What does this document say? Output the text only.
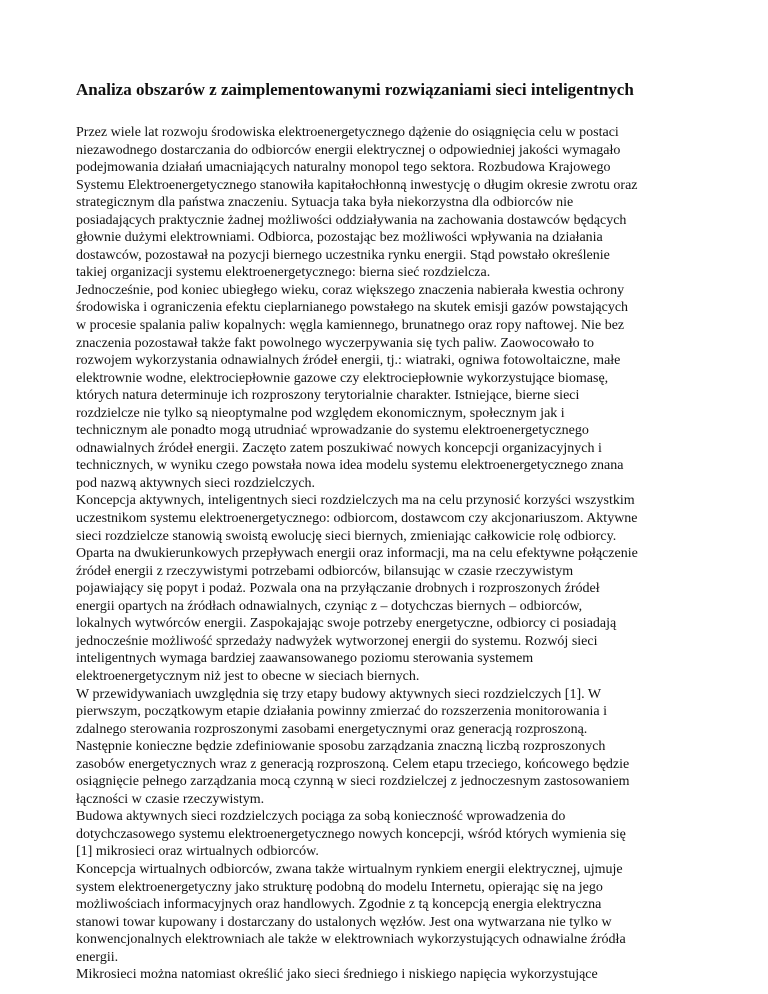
Analiza obszarów z zaimplementowanymi rozwiązaniami sieci inteligentnych
Przez wiele lat rozwoju środowiska elektroenergetycznego dążenie do osiągnięcia celu w postaci
niezawodnego dostarczania do odbiorców energii elektrycznej o odpowiedniej jakości wymagało
podejmowania działań umacniających naturalny monopol tego sektora. Rozbudowa Krajowego
Systemu Elektroenergetycznego stanowiła kapitałochłonną inwestycję o długim okresie zwrotu oraz
strategicznym dla państwa znaczeniu. Sytuacja taka była niekorzystna dla odbiorców nie
posiadających praktycznie żadnej możliwości oddziaływania na zachowania dostawców będących
głownie dużymi elektrowniami. Odbiorca, pozostając bez możliwości wpływania na działania
dostawców, pozostawał na pozycji biernego uczestnika rynku energii. Stąd powstało określenie
takiej organizacji systemu elektroenergetycznego: bierna sieć rozdzielcza.
Jednocześnie, pod koniec ubiegłego wieku, coraz większego znaczenia nabierała kwestia ochrony
środowiska i ograniczenia efektu cieplarnianego powstałego na skutek emisji gazów powstających
w procesie spalania paliw kopalnych: węgla kamiennego, brunatnego oraz ropy naftowej. Nie bez
znaczenia pozostawał także fakt powolnego wyczerpywania się tych paliw. Zaowocowało to
rozwojem wykorzystania odnawialnych źródeł energii, tj.: wiatraki, ogniwa fotowoltaiczne, małe
elektrownie wodne, elektrociepłownie gazowe czy elektrociepłownie wykorzystujące biomasę,
których natura determinuje ich rozproszony terytorialnie charakter. Istniejące, bierne sieci
rozdzielcze nie tylko są nieoptymalne pod względem ekonomicznym, społecznym jak i
technicznym ale ponadto mogą utrudniać wprowadzanie do systemu elektroenergetycznego
odnawialnych źródeł energii. Zaczęto zatem poszukiwać nowych koncepcji organizacyjnych i
technicznych, w wyniku czego powstała nowa idea modelu systemu elektroenergetycznego znana
pod nazwą aktywnych sieci rozdzielczych.
Koncepcja aktywnych, inteligentnych sieci rozdzielczych ma na celu przynosić korzyści wszystkim
uczestnikom systemu elektroenergetycznego: odbiorcom, dostawcom czy akcjonariuszom. Aktywne
sieci rozdzielcze stanowią swoistą ewolucję sieci biernych, zmieniając całkowicie rolę odbiorcy.
Oparta na dwukierunkowych przepływach energii oraz informacji, ma na celu efektywne połączenie
źródeł energii z rzeczywistymi potrzebami odbiorców, bilansując w czasie rzeczywistym
pojawiający się popyt i podaż. Pozwala ona na przyłączanie drobnych i rozproszonych źródeł
energii opartych na źródłach odnawialnych, czyniąc z – dotychczas biernych – odbiorców,
lokalnych wytwórców energii. Zaspokajając swoje potrzeby energetyczne, odbiorcy ci posiadają
jednocześnie możliwość sprzedaży nadwyżek wytworzonej energii do systemu. Rozwój sieci
inteligentnych wymaga bardziej zaawansowanego poziomu sterowania systemem
elektroenergetycznym niż jest to obecne w sieciach biernych.
W przewidywaniach uwzględnia się trzy etapy budowy aktywnych sieci rozdzielczych [1]. W
pierwszym, początkowym etapie działania powinny zmierzać do rozszerzenia monitorowania i
zdalnego sterowania rozproszonymi zasobami energetycznymi oraz generacją rozproszoną.
Następnie konieczne będzie zdefiniowanie sposobu zarządzania znaczną liczbą rozproszonych
zasobów energetycznych wraz z generacją rozproszoną. Celem etapu trzeciego, końcowego będzie
osiągnięcie pełnego zarządzania mocą czynną w sieci rozdzielczej z jednoczesnym zastosowaniem
łączności w czasie rzeczywistym.
Budowa aktywnych sieci rozdzielczych pociąga za sobą konieczność wprowadzenia do
dotychczasowego systemu elektroenergetycznego nowych koncepcji, wśród których wymienia się
[1] mikrosieci oraz wirtualnych odbiorców.
Koncepcja wirtualnych odbiorców, zwana także wirtualnym rynkiem energii elektrycznej, ujmuje
system elektroenergetyczny jako strukturę podobną do modelu Internetu, opierając się na jego
możliwościach informacyjnych oraz handlowych. Zgodnie z tą koncepcją energia elektryczna
stanowi towar kupowany i dostarczany do ustalonych węzłów. Jest ona wytwarzana nie tylko w
konwencjonalnych elektrowniach ale także w elektrowniach wykorzystujących odnawialne źródła
energii.
Mikrosieci można natomiast określić jako sieci średniego i niskiego napięcia wykorzystujące
